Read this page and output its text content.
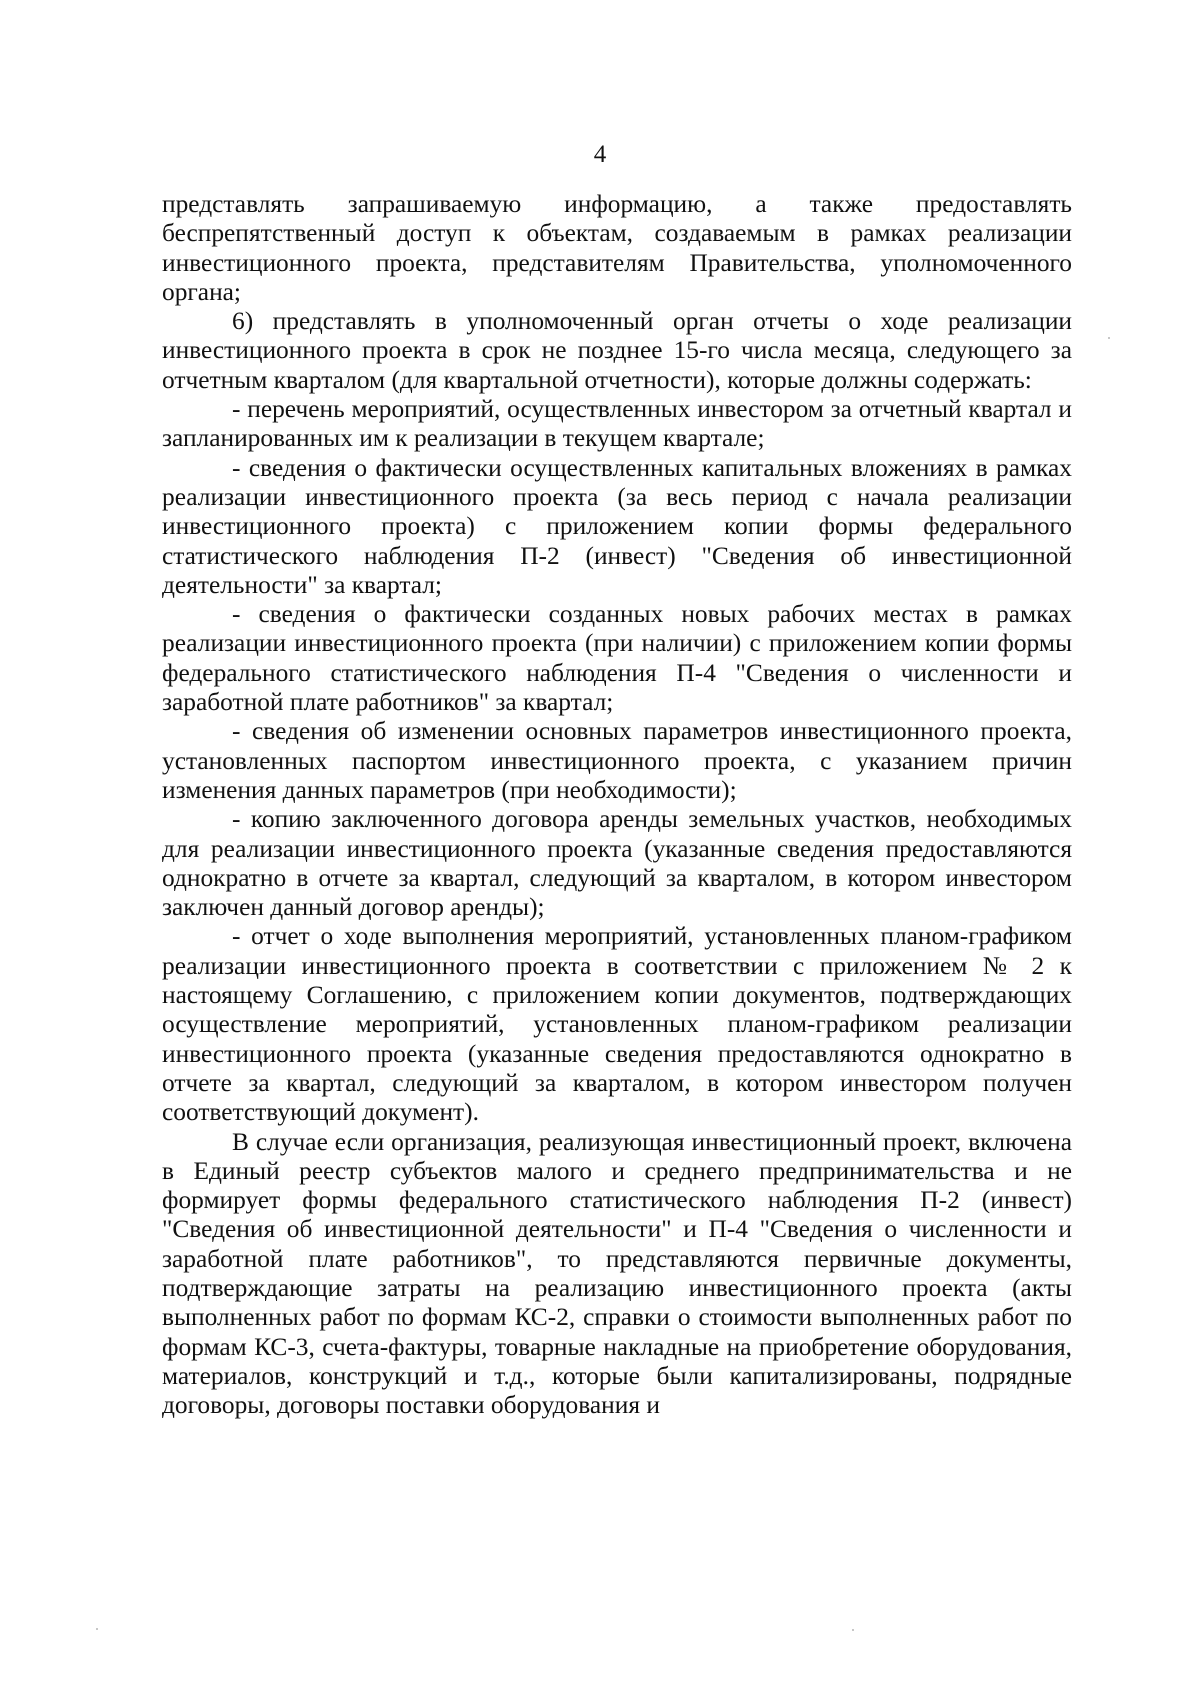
4

представлять запрашиваемую информацию, а также предоставлять беспрепятственный доступ к объектам, создаваемым в рамках реализации инвестиционного проекта, представителям Правительства, уполномоченного органа;

6) представлять в уполномоченный орган отчеты о ходе реализации инвестиционного проекта в срок не позднее 15-го числа месяца, следующего за отчетным кварталом (для квартальной отчетности), которые должны содержать:

- перечень мероприятий, осуществленных инвестором за отчетный квартал и запланированных им к реализации в текущем квартале;

- сведения о фактически осуществленных капитальных вложениях в рамках реализации инвестиционного проекта (за весь период с начала реализации инвестиционного проекта) с приложением копии формы федерального статистического наблюдения П-2 (инвест) "Сведения об инвестиционной деятельности" за квартал;

- сведения о фактически созданных новых рабочих местах в рамках реализации инвестиционного проекта (при наличии) с приложением копии формы федерального статистического наблюдения П-4 "Сведения о численности и заработной плате работников" за квартал;

- сведения об изменении основных параметров инвестиционного проекта, установленных паспортом инвестиционного проекта, с указанием причин изменения данных параметров (при необходимости);

- копию заключенного договора аренды земельных участков, необходимых для реализации инвестиционного проекта (указанные сведения предоставляются однократно в отчете за квартал, следующий за кварталом, в котором инвестором заключен данный договор аренды);

- отчет о ходе выполнения мероприятий, установленных планом-графиком реализации инвестиционного проекта в соответствии с приложением № 2 к настоящему Соглашению, с приложением копии документов, подтверждающих осуществление мероприятий, установленных планом-графиком реализации инвестиционного проекта (указанные сведения предоставляются однократно в отчете за квартал, следующий за кварталом, в котором инвестором получен соответствующий документ).

В случае если организация, реализующая инвестиционный проект, включена в Единый реестр субъектов малого и среднего предпринимательства и не формирует формы федерального статистического наблюдения П-2 (инвест) "Сведения об инвестиционной деятельности" и П-4 "Сведения о численности и заработной плате работников", то представляются первичные документы, подтверждающие затраты на реализацию инвестиционного проекта (акты выполненных работ по формам КС-2, справки о стоимости выполненных работ по формам КС-3, счета-фактуры, товарные накладные на приобретение оборудования, материалов, конструкций и т.д., которые были капитализированы, подрядные договоры, договоры поставки оборудования и
